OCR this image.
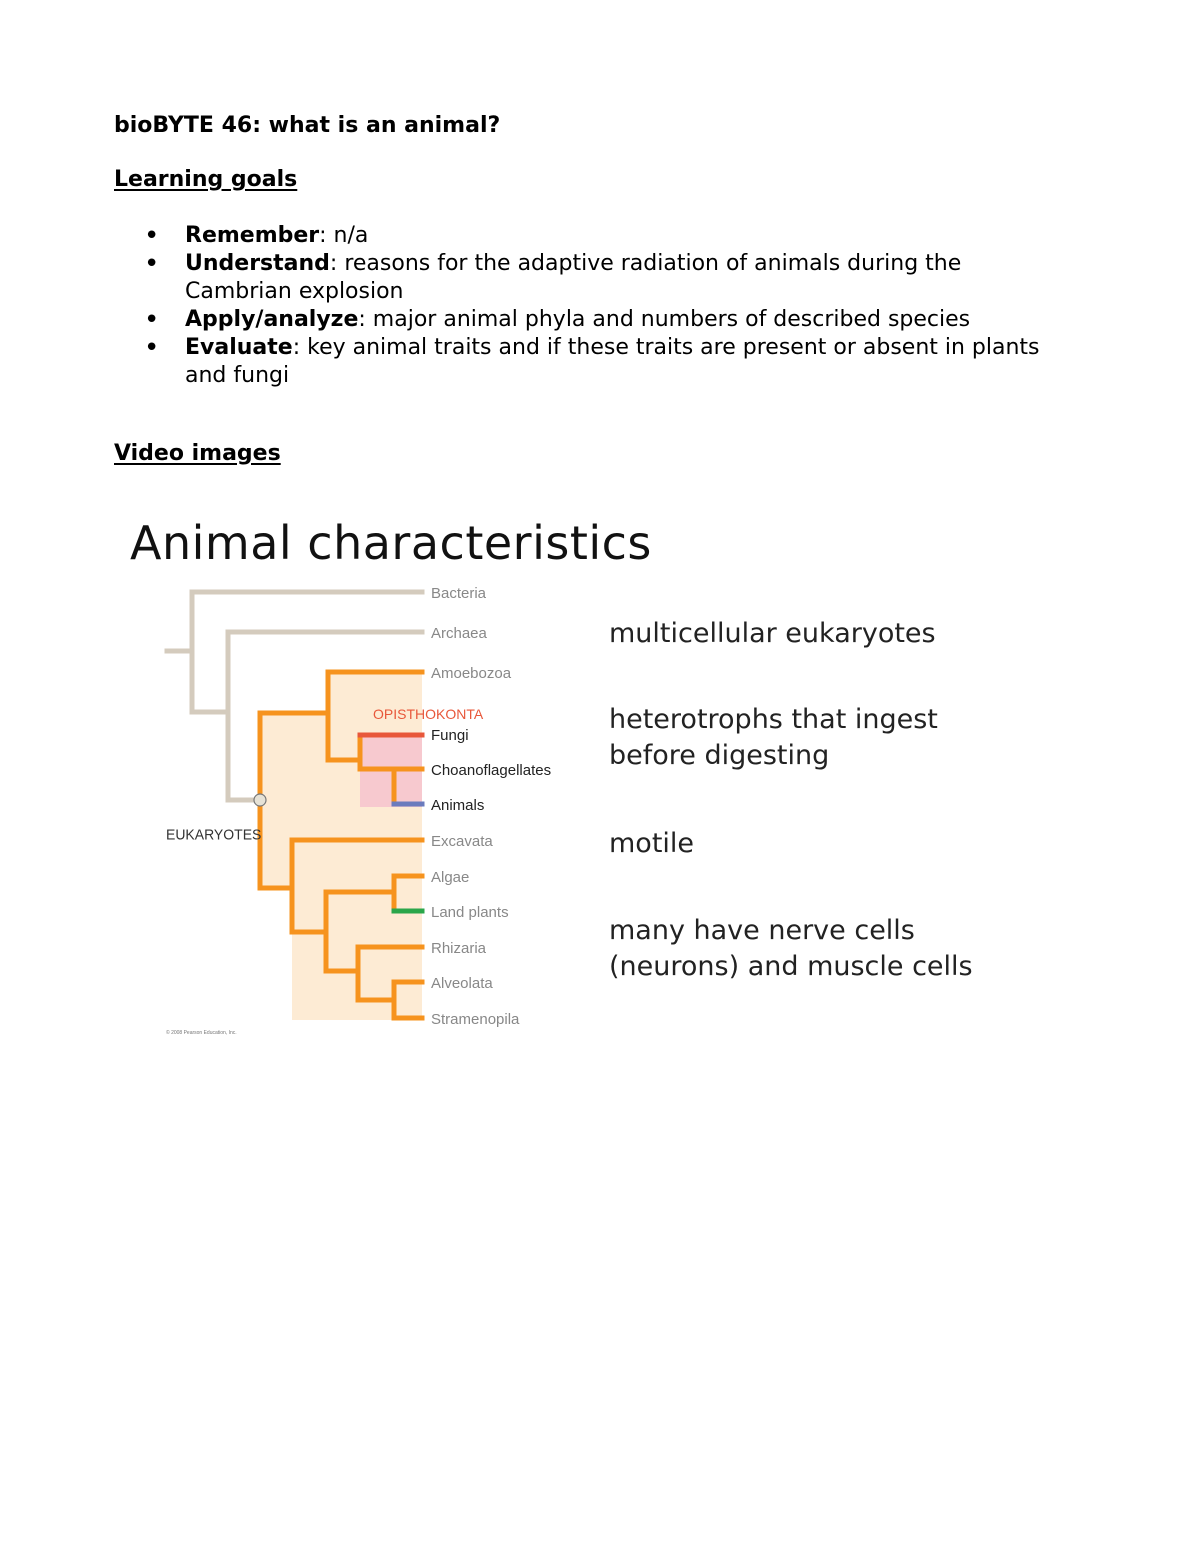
bioBYTE 46: what is an animal?
Learning goals
• Remember: n/a
• Understand: reasons for the adaptive radiation of animals during the Cambrian explosion
• Apply/analyze: major animal phyla and numbers of described species
• Evaluate: key animal traits and if these traits are present or absent in plants and fungi
Video images
Animal characteristics
EUKARYOTES
OPISTHOKONTA
Bacteria
Archaea
Amoebozoa
Fungi
Choanoflagellates
Animals
Excavata
Algae
Land plants
Rhizaria
Alveolata
Stramenopila
© 2008 Pearson Education, Inc.

multicellular eukaryotes

heterotrophs that ingest before digesting

motile

many have nerve cells (neurons) and muscle cells
